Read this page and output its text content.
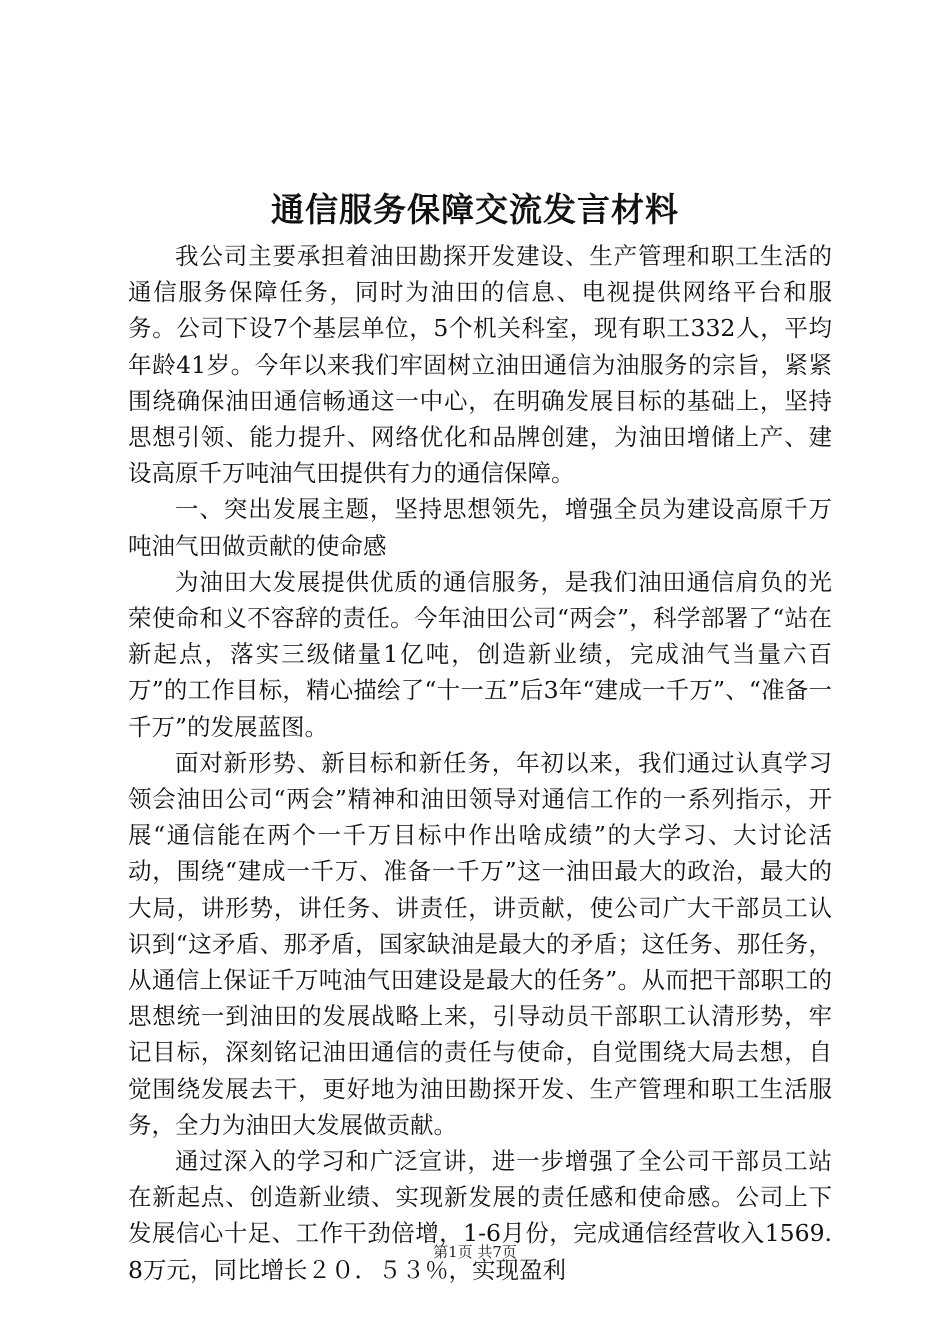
通信服务保障交流发言材料

我公司主要承担着油田勘探开发建设、生产管理和职工生活的通信服务保障任务，同时为油田的信息、电视提供网络平台和服务。公司下设7个基层单位，5个机关科室，现有职工332人，平均年龄41岁。今年以来我们牢固树立油田通信为油服务的宗旨，紧紧围绕确保油田通信畅通这一中心，在明确发展目标的基础上，坚持思想引领、能力提升、网络优化和品牌创建，为油田增储上产、建设高原千万吨油气田提供有力的通信保障。

一、突出发展主题，坚持思想领先，增强全员为建设高原千万吨油气田做贡献的使命感

为油田大发展提供优质的通信服务，是我们油田通信肩负的光荣使命和义不容辞的责任。今年油田公司“两会”，科学部署了“站在新起点，落实三级储量1亿吨，创造新业绩，完成油气当量六百万”的工作目标，精心描绘了“十一五”后3年“建成一千万”、“准备一千万”的发展蓝图。

面对新形势、新目标和新任务，年初以来，我们通过认真学习领会油田公司“两会”精神和油田领导对通信工作的一系列指示，开展“通信能在两个一千万目标中作出啥成绩”的大学习、大讨论活动，围绕“建成一千万、准备一千万”这一油田最大的政治，最大的大局，讲形势，讲任务、讲责任，讲贡献，使公司广大干部员工认识到“这矛盾、那矛盾，国家缺油是最大的矛盾；这任务、那任务，从通信上保证千万吨油气田建设是最大的任务”。从而把干部职工的思想统一到油田的发展战略上来，引导动员干部职工认清形势，牢记目标，深刻铭记油田通信的责任与使命，自觉围绕大局去想，自觉围绕发展去干，更好地为油田勘探开发、生产管理和职工生活服务，全力为油田大发展做贡献。

通过深入的学习和广泛宣讲，进一步增强了全公司干部员工站在新起点、创造新业绩、实现新发展的责任感和使命感。公司上下发展信心十足、工作干劲倍增，1-6月份，完成通信经营收入1569.8万元，同比增长２０．５３％，实现盈利

第1页 共7页
